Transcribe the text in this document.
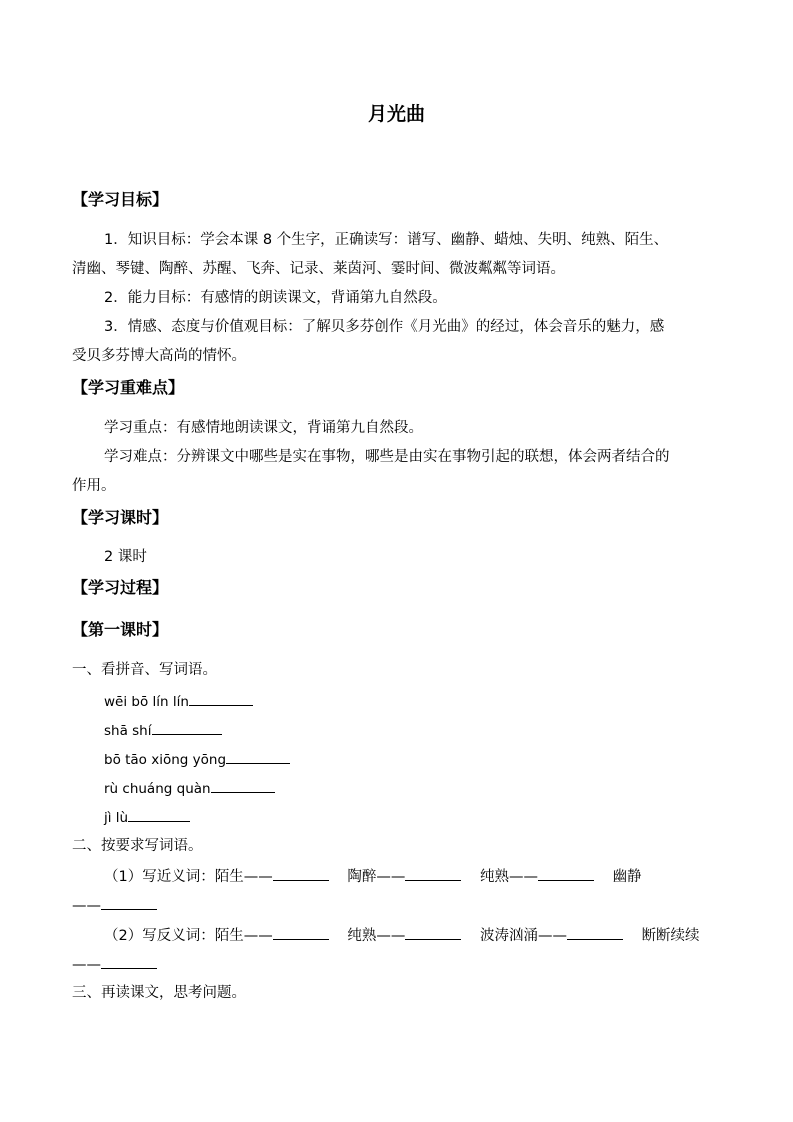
月光曲
【学习目标】
1．知识目标：学会本课 8 个生字，正确读写：谱写、幽静、蜡烛、失明、纯熟、陌生、
清幽、琴键、陶醉、苏醒、飞奔、记录、莱茵河、霎时间、微波粼粼等词语。
2．能力目标：有感情的朗读课文，背诵第九自然段。
3．情感、态度与价值观目标：了解贝多芬创作《月光曲》的经过，体会音乐的魅力，感
受贝多芬博大高尚的情怀。
【学习重难点】
学习重点：有感情地朗读课文，背诵第九自然段。
学习难点：分辨课文中哪些是实在事物，哪些是由实在事物引起的联想，体会两者结合的
作用。
【学习课时】
2 课时
【学习过程】
【第一课时】
一、看拼音、写词语。
wēi bō lín lín
shā shí
bō tāo xiōng yōng
rù chuáng quàn
jì lù
二、按要求写词语。
（1）写近义词：陌生——	陶醉——	纯熟——	幽静
——
（2）写反义词：陌生——	纯熟——	波涛汹涌——	断断续续
——
三、再读课文，思考问题。
